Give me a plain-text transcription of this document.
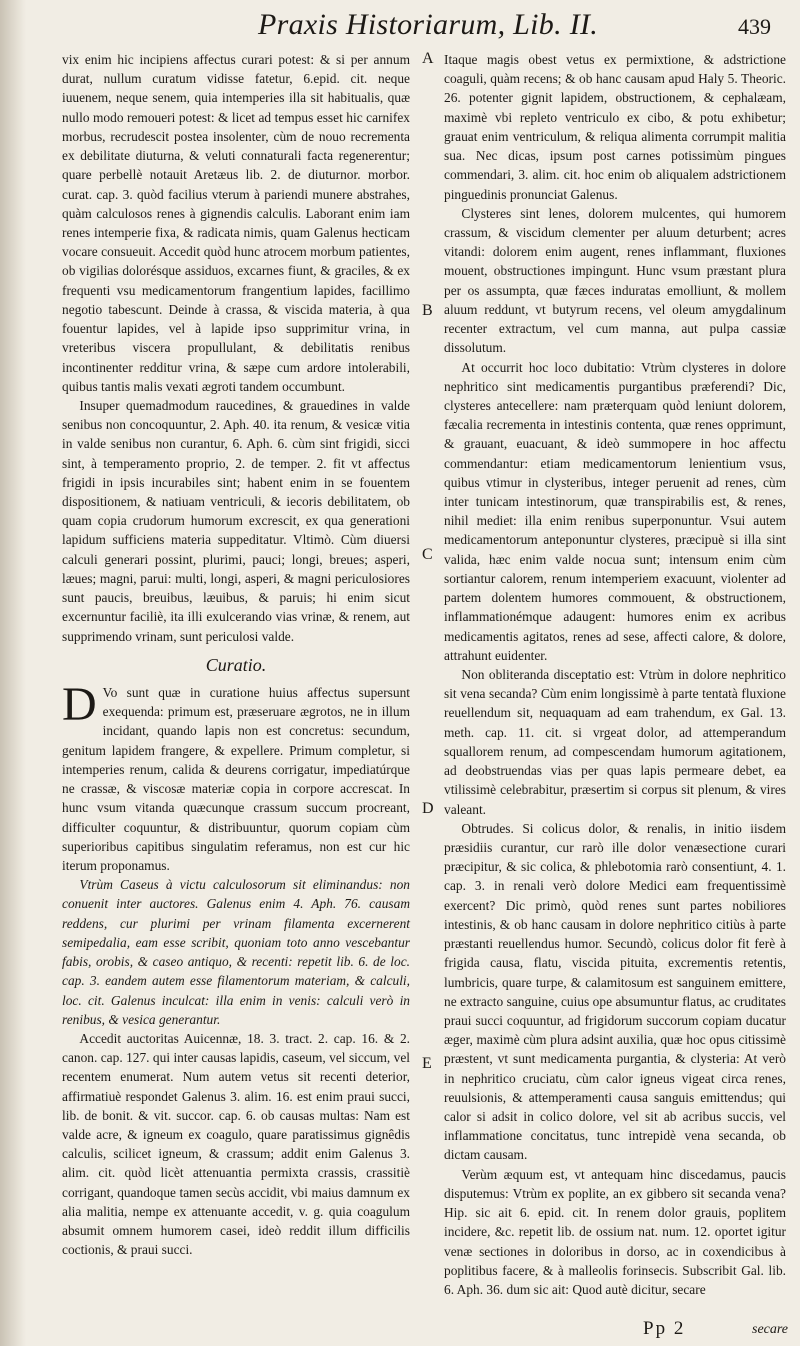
Praxis Historiarum, Lib. II.	439

vix enim hic incipiens affectus curari potest: & si per annum durat, nullum curatum vidisse fatetur, 6.epid. cit. neque iuuenem, neque senem, quia intemperies illa sit habitualis, quæ nullo modo remoueri potest: & licet ad tempus esset hic carnifex morbus, recrudescit postea insolenter, cùm de nouo recrementa ex debilitate diuturna, & veluti connaturali facta regenerentur; quare perbellè notauit Aretæus lib. 2. de diuturnor. morbor. curat. cap. 3. quòd facilius vterum à pariendi munere abstrahes, quàm calculosos renes à gignendis calculis. Laborant enim iam renes intemperie fixa, & radicata nimis, quam Galenus hecticam vocare consueuit. Accedit quòd hunc atrocem morbum patientes, ob vigilias dolorésque assiduos, excarnes fiunt, & graciles, & ex frequenti vsu medicamentorum frangentium lapides, facillimo negotio tabescunt. Deinde à crassa, & viscida materia, à qua fouentur lapides, vel à lapide ipso supprimitur vrina, in vreteribus viscera propullulant, & debilitatis renibus incontinenter redditur vrina, & sæpe cum ardore intolerabili, quibus tantis malis vexati ægroti tandem occumbunt.

Insuper quemadmodum raucedines, & grauedines in valde senibus non concoquuntur, 2. Aph. 40. ita renum, & vesicæ vitia in valde senibus non curantur, 6. Aph. 6. cùm sint frigidi, sicci sint, à temperamento proprio, 2. de temper. 2. fit vt affectus frigidi in ipsis incurabiles sint; habent enim in se fouentem dispositionem, & natiuam ventriculi, & iecoris debilitatem, ob quam copia crudorum humorum excrescit, ex qua generationi lapidum sufficiens materia suppeditatur. Vltimò. Cùm diuersi calculi generari possint, plurimi, pauci; longi, breues; asperi, læues; magni, parui: multi, longi, asperi, & magni periculosiores sunt paucis, breuibus, læuibus, & paruis; hi enim sicut excernuntur faciliè, ita illi exulcerando vias vrinæ, & renem, aut supprimendo vrinam, sunt periculosi valde.

Curatio.

D Vo sunt quæ in curatione huius affectus supersunt exequenda: primum est, præseruare ægrotos, ne in illum incidant, quando lapis non est concretus: secundum, genitum lapidem frangere, & expellere. Primum completur, si intemperies renum, calida & deurens corrigatur, impediatúrque ne crassæ, & viscosæ materiæ copia in corpore accrescat. In hunc vsum vitanda quæcunque crassum succum procreant, difficulter coquuntur, & distribuuntur, quorum copiam cùm superioribus capitibus singulatim referamus, non est cur hic iterum proponamus.

Vtrùm Caseus à victu calculosorum sit eliminandus: non conuenit inter auctores. Galenus enim 4. Aph. 76. causam reddens, cur plurimi per vrinam filamenta excernerent semipedalia, eam esse scribit, quoniam toto anno vescebantur fabis, orobis, & caseo antiquo, & recenti: repetit lib. 6. de loc. cap. 3. eandem autem esse filamentorum materiam, & calculi, loc. cit. Galenus inculcat: illa enim in venis: calculi verò in renibus, & vesica generantur.

Accedit auctoritas Auicennæ, 18. 3. tract. 2. cap. 16. & 2. canon. cap. 127. qui inter causas lapidis, caseum, vel siccum, vel recentem enumerat. Num autem vetus sit recenti deterior, affirmatiuè respondet Galenus 3. alim. 16. est enim praui succi, lib. de bonit. & vit. succor. cap. 6. ob causas multas: Nam est valde acre, & igneum ex coagulo, quare paratissimus gignêdis calculis, scilicet igneum, & crassum; addit enim Galenus 3. alim. cit. quòd licèt attenuantia permixta crassis, crassitiè corrigant, quandoque tamen secùs accidit, vbi maius damnum ex alia malitia, nempe ex attenuante accedit, v. g. quia coagulum absumit omnem humorem casei, ideò reddit illum difficilis coctionis, & praui succi.

A
B
C
D
E

Itaque magis obest vetus ex permixtione, & adstrictione coaguli, quàm recens; & ob hanc causam apud Haly 5. Theoric. 26. potenter gignit lapidem, obstructionem, & cephalæam, maximè vbi repleto ventriculo ex cibo, & potu exhibetur; grauat enim ventriculum, & reliqua alimenta corrumpit malitia sua. Nec dicas, ipsum post carnes potissimùm pingues commendari, 3. alim. cit. hoc enim ob aliqualem adstrictionem pinguedinis pronunciat Galenus.

Clysteres sint lenes, dolorem mulcentes, qui humorem crassum, & viscidum clementer per aluum deturbent; acres vitandi: dolorem enim augent, renes inflammant, fluxiones mouent, obstructiones impingunt. Hunc vsum præstant plura per os assumpta, quæ fæces induratas emolliunt, & mollem aluum reddunt, vt butyrum recens, vel oleum amygdalinum recenter extractum, vel cum manna, aut pulpa cassiæ dissolutum.

At occurrit hoc loco dubitatio: Vtrùm clysteres in dolore nephritico sint medicamentis purgantibus præferendi? Dic, clysteres antecellere: nam præterquam quòd leniunt dolorem, fæcalia recrementa in intestinis contenta, quæ renes opprimunt, & grauant, euacuant, & ideò summopere in hoc affectu commendantur: etiam medicamentorum lenientium vsus, quibus vtimur in clysteribus, integer peruenit ad renes, cùm inter tunicam intestinorum, quæ transpirabilis est, & renes, nihil mediet: illa enim renibus superponuntur. Vsui autem medicamentorum anteponuntur clysteres, præcipuè si illa sint valida, hæc enim valde nocua sunt; intensum enim cùm sortiantur calorem, renum intemperiem exacuunt, violenter ad partem dolentem humores commouent, & obstructionem, inflammationémque adaugent: humores enim ex acribus medicamentis agitatos, renes ad sese, affecti calore, & dolore, attrahunt euidenter.

Non obliteranda disceptatio est: Vtrùm in dolore nephritico sit vena secanda? Cùm enim longissimè à parte tentatà fluxione reuellendum sit, nequaquam ad eam trahendum, ex Gal. 13. meth. cap. 11. cit. si vrgeat dolor, ad attemperandum squallorem renum, ad compescendam humorum agitationem, ad deobstruendas vias per quas lapis permeare debet, ea vtilissimè celebrabitur, præsertim si corpus sit plenum, & vires valeant.

Obtrudes. Si colicus dolor, & renalis, in initio iisdem præsidiis curantur, cur rarò ille dolor venæsectione curari præcipitur, & sic colica, & phlebotomia rarò consentiunt, 4. 1. cap. 3. in renali verò dolore Medici eam frequentissimè exercent? Dic primò, quòd renes sunt partes nobiliores intestinis, & ob hanc causam in dolore nephritico citiùs à parte præstanti reuellendus humor. Secundò, colicus dolor fit ferè à frigida causa, flatu, viscida pituita, excrementis retentis, lumbricis, quare turpe, & calamitosum est sanguinem emittere, ne extracto sanguine, cuius ope absumuntur flatus, ac cruditates praui succi coquuntur, ad frigidorum succorum copiam ducatur æger, maximè cùm plura adsint auxilia, quæ hoc opus citissimè præstent, vt sunt medicamenta purgantia, & clysteria: At verò in nephritico cruciatu, cùm calor igneus vigeat circa renes, reuulsionis, & attemperamenti causa sanguis emittendus; qui calor si adsit in colico dolore, vel sit ab acribus succis, vel inflammatione concitatus, tunc intrepidè vena secanda, ob dictam causam.

Verùm æquum est, vt antequam hinc discedamus, paucis disputemus: Vtrùm ex poplite, an ex gibbero sit secanda vena? Hip. sic ait 6. epid. cit. In renem dolor grauis, poplitem incidere, &c. repetit lib. de ossium nat. num. 12. oportet igitur venæ sectiones in doloribus in dorso, ac in coxendicibus à poplitibus facere, & à malleolis forinsecis. Subscribit Gal. lib. 6. Aph. 36. dum sic ait: Quod autè dicitur, secare

Pp 2	secare
